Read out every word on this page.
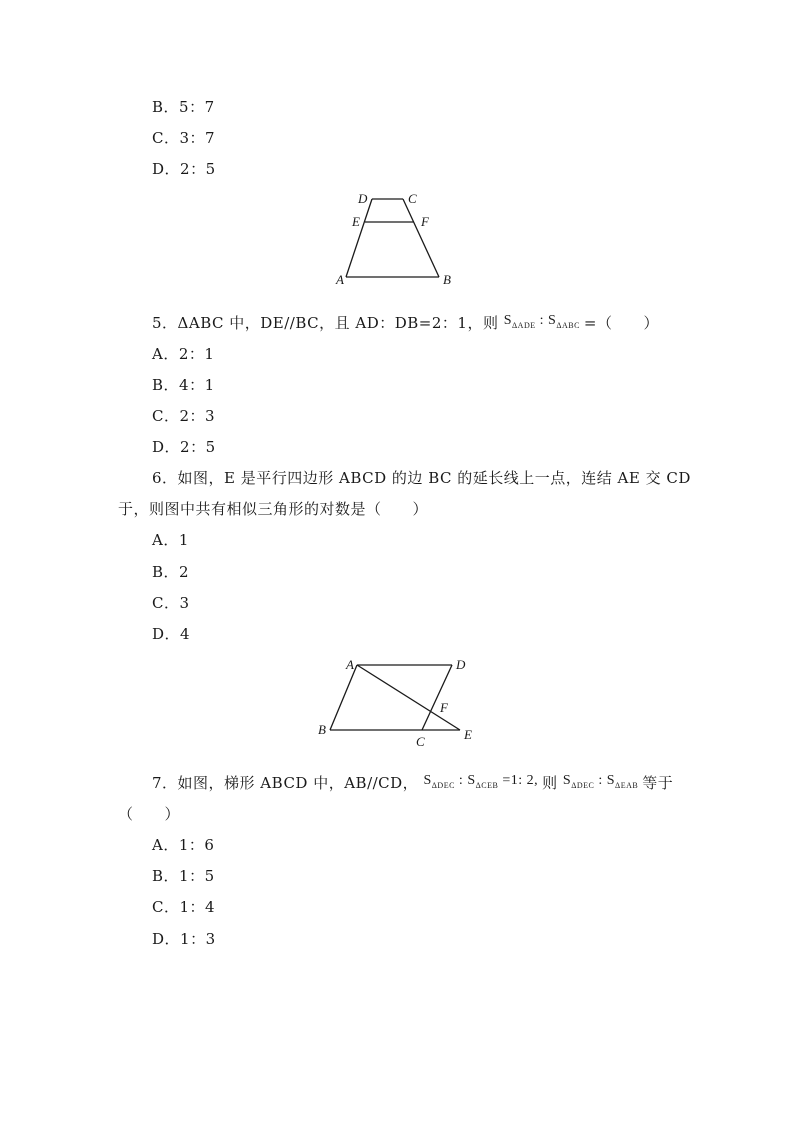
B．5：7
C．3：7
D．2：5
D	C
E	F
A	B
5．ΔABC 中，DE//BC，且 AD：DB=2：1，则 $S_{\Delta ADE}$ : $S_{\Delta ABC}$ =（　　）
A．2：1
B．4：1
C．2：3
D．2：5
6．如图，E 是平行四边形 ABCD 的边 BC 的延长线上一点，连结 AE 交 CD
于，则图中共有相似三角形的对数是（　　）
A．1
B．2
C．3
D．4
A	D
F
B
C	E
7．如图，梯形 ABCD 中，AB//CD， $S_{\Delta DEC}$ : $S_{\Delta CEB} =1$: 2, 则 $S_{\Delta DEC}$ : $S_{\Delta EAB}$ 等于
（　　）
A．1：6
B．1：5
C．1：4
D．1：3
